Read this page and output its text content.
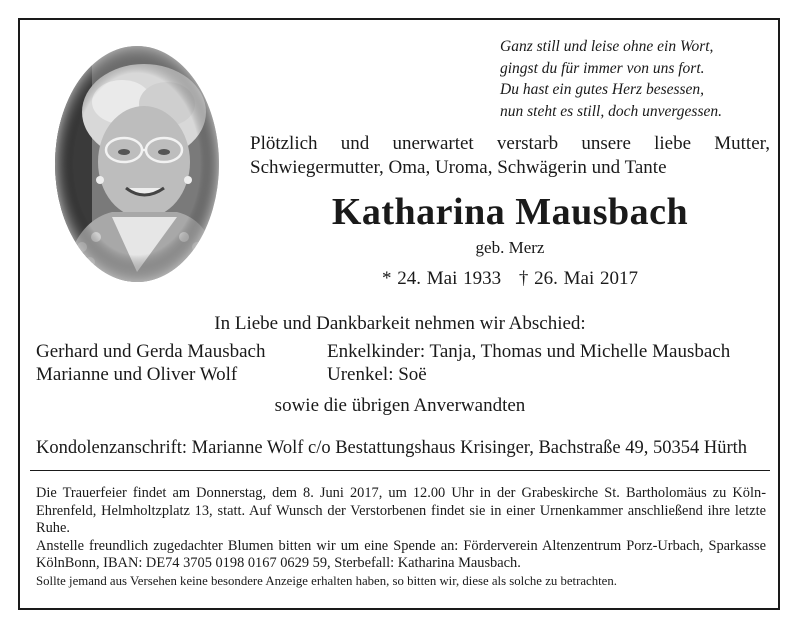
Ganz still und leise ohne ein Wort,
gingst du für immer von uns fort.
Du hast ein gutes Herz besessen,
nun steht es still, doch unvergessen.
Plötzlich und unerwartet verstarb unsere liebe Mutter,
Schwiegermutter, Oma, Uroma, Schwägerin und Tante
Katharina Mausbach
geb. Merz
* 24. Mai 1933 † 26. Mai 2017
In Liebe und Dankbarkeit nehmen wir Abschied:
Gerhard und Gerda Mausbach
Marianne und Oliver Wolf
Enkelkinder: Tanja, Thomas und Michelle Mausbach
Urenkel: Soë
sowie die übrigen Anverwandten
Kondolenzanschrift: Marianne Wolf c/o Bestattungshaus Krisinger, Bachstraße 49, 50354 Hürth

Die Trauerfeier findet am Donnerstag, dem 8. Juni 2017, um 12.00 Uhr in der Grabeskirche St. Bartholomäus zu Köln-Ehrenfeld, Helmholtzplatz 13, statt. Auf Wunsch der Verstorbenen findet sie in einer Urnenkammer anschließend ihre letzte Ruhe.

Anstelle freundlich zugedachter Blumen bitten wir um eine Spende an: Förderverein Altenzentrum Porz-Urbach, Sparkasse KölnBonn, IBAN: DE74 3705 0198 0167 0629 59, Sterbefall: Katharina Mausbach.

Sollte jemand aus Versehen keine besondere Anzeige erhalten haben, so bitten wir, diese als solche zu betrachten.
